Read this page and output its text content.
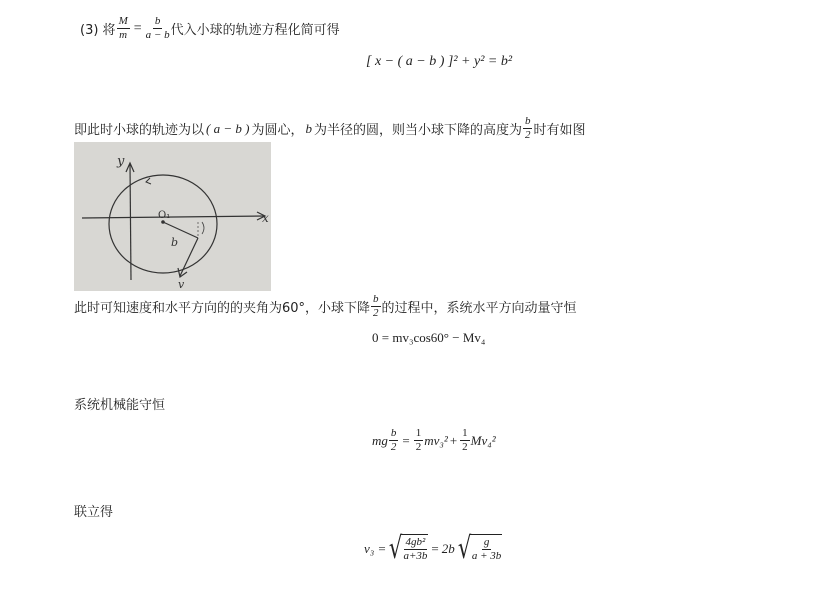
(3) 将 $\frac{M}{m} = \frac{b}{a - b}$ 代入小球的轨迹方程化简可得
[ x − ( a − b ) ]² + y² = b²
即此时小球的轨迹为以 ( a − b ) 为圆心， b 为半径的圆，则当小球下降的高度为 $\frac{b}{2}$ 时有如图
y
x
O₁
b
v
此时可知速度和水平方向的的夹角为60°，小球下降 $\frac{b}{2}$ 的过程中，系统水平方向动量守恒
0 = mv₃cos60° − Mv₄
系统机械能守恒
mg $\frac{b}{2} = \frac{1}{2} mv_3^2 + \frac{1}{2} Mv_4^2$
联立得
v₃ = √ $\frac{\text{4gb²}}{a+3b} = 2b$ √ $\frac{g}{a + 3b}$
